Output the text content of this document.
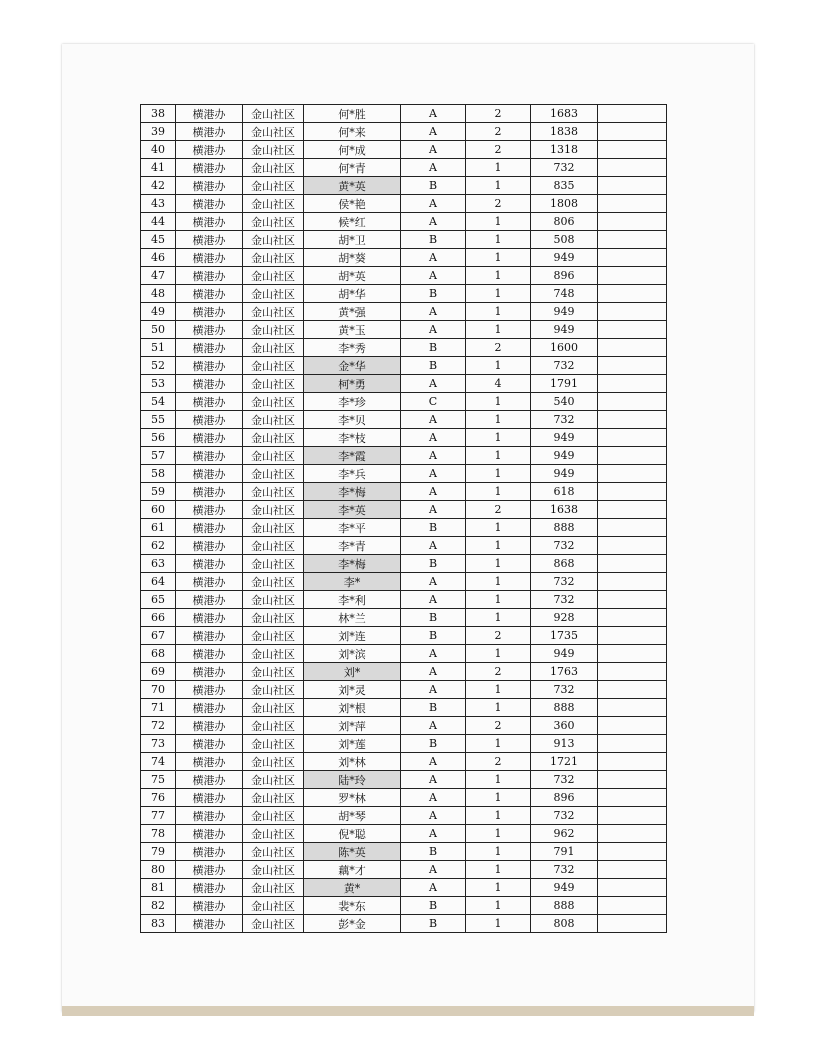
38	横港办	金山社区	何*胜	A	2	1683	
39	横港办	金山社区	何*来	A	2	1838	
40	横港办	金山社区	何*成	A	2	1318	
41	横港办	金山社区	何*青	A	1	732	
42	横港办	金山社区	黄*英	B	1	835	
43	横港办	金山社区	侯*艳	A	2	1808	
44	横港办	金山社区	候*红	A	1	806	
45	横港办	金山社区	胡*卫	B	1	508	
46	横港办	金山社区	胡*葵	A	1	949	
47	横港办	金山社区	胡*英	A	1	896	
48	横港办	金山社区	胡*华	B	1	748	
49	横港办	金山社区	黄*强	A	1	949	
50	横港办	金山社区	黄*玉	A	1	949	
51	横港办	金山社区	李*秀	B	2	1600	
52	横港办	金山社区	金*华	B	1	732	
53	横港办	金山社区	柯*勇	A	4	1791	
54	横港办	金山社区	李*珍	C	1	540	
55	横港办	金山社区	李*贝	A	1	732	
56	横港办	金山社区	李*枝	A	1	949	
57	横港办	金山社区	李*霞	A	1	949	
58	横港办	金山社区	李*兵	A	1	949	
59	横港办	金山社区	李*梅	A	1	618	
60	横港办	金山社区	李*英	A	2	1638	
61	横港办	金山社区	李*平	B	1	888	
62	横港办	金山社区	李*青	A	1	732	
63	横港办	金山社区	李*梅	B	1	868	
64	横港办	金山社区	李*	A	1	732	
65	横港办	金山社区	李*利	A	1	732	
66	横港办	金山社区	林*兰	B	1	928	
67	横港办	金山社区	刘*连	B	2	1735	
68	横港办	金山社区	刘*滨	A	1	949	
69	横港办	金山社区	刘*	A	2	1763	
70	横港办	金山社区	刘*灵	A	1	732	
71	横港办	金山社区	刘*根	B	1	888	
72	横港办	金山社区	刘*萍	A	2	360	
73	横港办	金山社区	刘*莲	B	1	913	
74	横港办	金山社区	刘*林	A	2	1721	
75	横港办	金山社区	陆*玲	A	1	732	
76	横港办	金山社区	罗*林	A	1	896	
77	横港办	金山社区	胡*琴	A	1	732	
78	横港办	金山社区	倪*聪	A	1	962	
79	横港办	金山社区	陈*英	B	1	791	
80	横港办	金山社区	藕*才	A	1	732	
81	横港办	金山社区	黄*	A	1	949	
82	横港办	金山社区	裴*东	B	1	888	
83	横港办	金山社区	彭*金	B	1	808	
